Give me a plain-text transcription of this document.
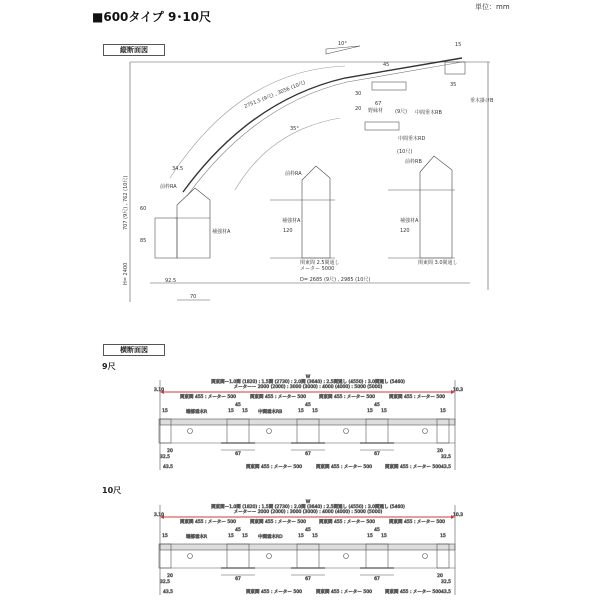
■600タイプ 9･10尺
単位：mm
縦断面図
横断面図
9尺
10尺
10°	15
2751.5 (9尺) , 3056 (10尺)
707 (9尺) , 762 (10尺)
H= 2400	D= 2685 (9尺) , 2985 (10尺)
35°
45
30
20
35
34.5
60
85
120	120
92.5
70
67
前枠RA
前枠RA
前枠RB
補強材A
補強材A	補強材A
野縁材
垂木掛けB
中間垂木RB
中間垂木RD
(9尺)
(10尺)
関東間 2.5間通し
メーター 5000
関東間 3.0間通し
W
関東間－1.0間 (1820) : 1.5間 (2730) : 2.0間 (3640) : 2.5間通し (4550) : 3.0間通し (5460)
メーター－ 2000 (2000) : 3000 (3000) : 4000 (4000) : 5000 (5000)
3.10	10.3
関東間 455 : メーター 500	関東間 455 : メーター 500	関東間 455 : メーター 500	関東間 455 : メーター 500
15	15
45
15 15
67
関東間 455 : メーター 500
45
15 15
67
関東間 455 : メーター 500
45
15 15
67
関東間 455 : メーター 500
端部垂木R	中間垂木RB
20
32.5
43.5
20
32.5
43.5
W
関東間－1.0間 (1820) : 1.5間 (2730) : 2.0間 (3640) : 2.5間通し (4550) : 3.0間通し (5460)
メーター－ 2000 (2000) : 3000 (3000) : 4000 (4000) : 5000 (5000)
3.10	10.3
関東間 455 : メーター 500	関東間 455 : メーター 500	関東間 455 : メーター 500	関東間 455 : メーター 500
15	15
45
15 15
67
関東間 455 : メーター 500
45
15 15
67
関東間 455 : メーター 500
45
15 15
67
関東間 455 : メーター 500
端部垂木R	中間垂木RD
20
32.5
43.5
20
32.5
43.5
